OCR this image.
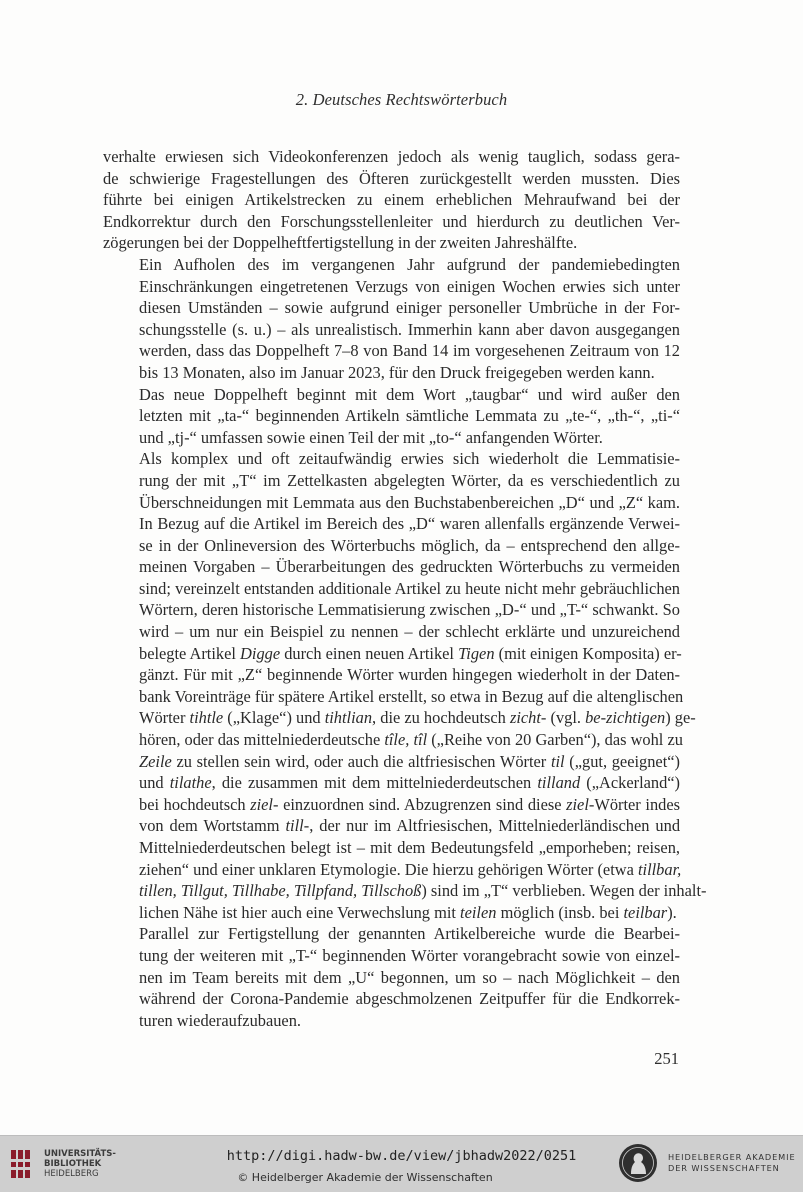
2. Deutsches Rechtswörterbuch
verhalte erwiesen sich Videokonferenzen jedoch als wenig tauglich, sodass gera-
de schwierige Fragestellungen des Öfteren zurückgestellt werden mussten. Dies
führte bei einigen Artikelstrecken zu einem erheblichen Mehraufwand bei der
Endkorrektur durch den Forschungsstellenleiter und hierdurch zu deutlichen Ver-
zögerungen bei der Doppelheftfertigstellung in der zweiten Jahreshälfte.
Ein Aufholen des im vergangenen Jahr aufgrund der pandemiebedingten
Einschränkungen eingetretenen Verzugs von einigen Wochen erwies sich unter
diesen Umständen – sowie aufgrund einiger personeller Umbrüche in der For-
schungsstelle (s. u.) – als unrealistisch. Immerhin kann aber davon ausgegangen
werden, dass das Doppelheft 7–8 von Band 14 im vorgesehenen Zeitraum von 12
bis 13 Monaten, also im Januar 2023, für den Druck freigegeben werden kann.
Das neue Doppelheft beginnt mit dem Wort „taugbar“ und wird außer den
letzten mit „ta-“ beginnenden Artikeln sämtliche Lemmata zu „te-“, „th-“, „ti-“
und „tj-“ umfassen sowie einen Teil der mit „to-“ anfangenden Wörter.
Als komplex und oft zeitaufwändig erwies sich wiederholt die Lemmatisie-
rung der mit „T“ im Zettelkasten abgelegten Wörter, da es verschiedentlich zu
Überschneidungen mit Lemmata aus den Buchstabenbereichen „D“ und „Z“ kam.
In Bezug auf die Artikel im Bereich des „D“ waren allenfalls ergänzende Verwei-
se in der Onlineversion des Wörterbuchs möglich, da – entsprechend den allge-
meinen Vorgaben – Überarbeitungen des gedruckten Wörterbuchs zu vermeiden
sind; vereinzelt entstanden additionale Artikel zu heute nicht mehr gebräuchlichen
Wörtern, deren historische Lemmatisierung zwischen „D-“ und „T-“ schwankt. So
wird – um nur ein Beispiel zu nennen – der schlecht erklärte und unzureichend
belegte Artikel Digge durch einen neuen Artikel Tigen (mit einigen Komposita) er-
gänzt. Für mit „Z“ beginnende Wörter wurden hingegen wiederholt in der Daten-
bank Voreinträge für spätere Artikel erstellt, so etwa in Bezug auf die altenglischen
Wörter tihtle („Klage“) und tihtlian, die zu hochdeutsch zicht- (vgl. be-zichtigen) ge-
hören, oder das mittelniederdeutsche tîle, tîl („Reihe von 20 Garben“), das wohl zu
Zeile zu stellen sein wird, oder auch die altfriesischen Wörter til („gut, geeignet“)
und tilathe, die zusammen mit dem mittelniederdeutschen tilland („Ackerland“)
bei hochdeutsch ziel- einzuordnen sind. Abzugrenzen sind diese ziel-Wörter indes
von dem Wortstamm till-, der nur im Altfriesischen, Mittelniederländischen und
Mittelniederdeutschen belegt ist – mit dem Bedeutungsfeld „emporheben; reisen,
ziehen“ und einer unklaren Etymologie. Die hierzu gehörigen Wörter (etwa tillbar,
tillen, Tillgut, Tillhabe, Tillpfand, Tillschoß) sind im „T“ verblieben. Wegen der inhalt-
lichen Nähe ist hier auch eine Verwechslung mit teilen möglich (insb. bei teilbar).
Parallel zur Fertigstellung der genannten Artikelbereiche wurde die Bearbei-
tung der weiteren mit „T-“ beginnenden Wörter vorangebracht sowie von einzel-
nen im Team bereits mit dem „U“ begonnen, um so – nach Möglichkeit – den
während der Corona-Pandemie abgeschmolzenen Zeitpuffer für die Endkorrek-
turen wiederaufzubauen.
251
UNIVERSITÄTS-
BIBLIOTHEK
HEIDELBERG
http://digi.hadw-bw.de/view/jbhadw2022/0251
© Heidelberger Akademie der Wissenschaften
HEIDELBERGER AKADEMIE
DER WISSENSCHAFTEN
